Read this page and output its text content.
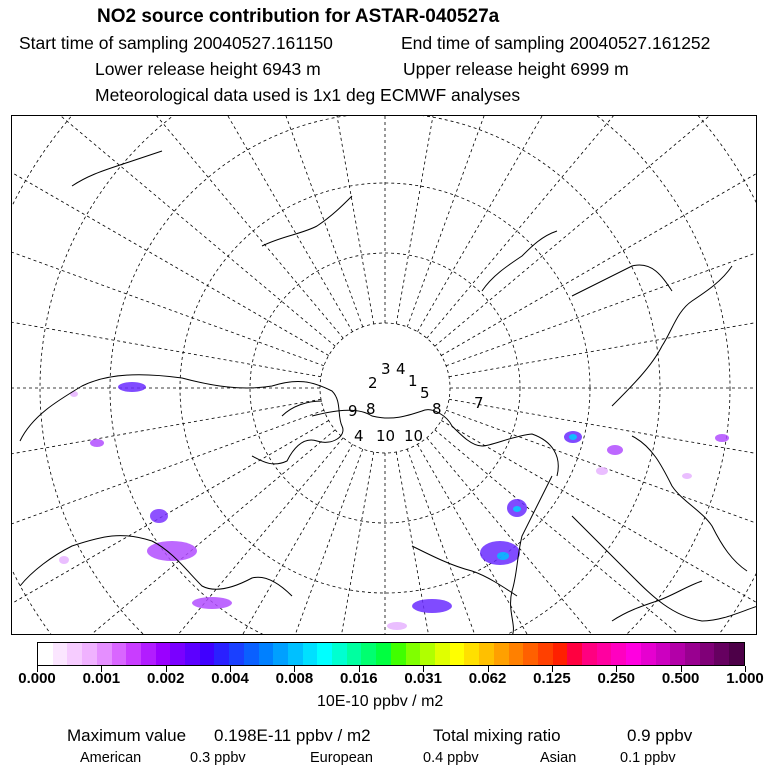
NO2 source contribution for ASTAR-040527a
Start time of sampling 20040527.161150	End time of sampling 20040527.161252
Lower release height 6943 m	Upper release height 6999 m
Meteorological data used is 1x1 deg ECMWF analyses
2
3 4
1
5
7
8
8
9
4 10 10
0.000 0.001 0.002 0.004 0.008 0.016 0.031 0.062 0.125 0.250 0.500 1.000
10E-10 ppbv / m2
Maximum value 0.198E-11 ppbv / m2	Total mixing ratio	0.9 ppbv
American	0.3 ppbv	European	0.4 ppbv	Asian	0.1 ppbv
